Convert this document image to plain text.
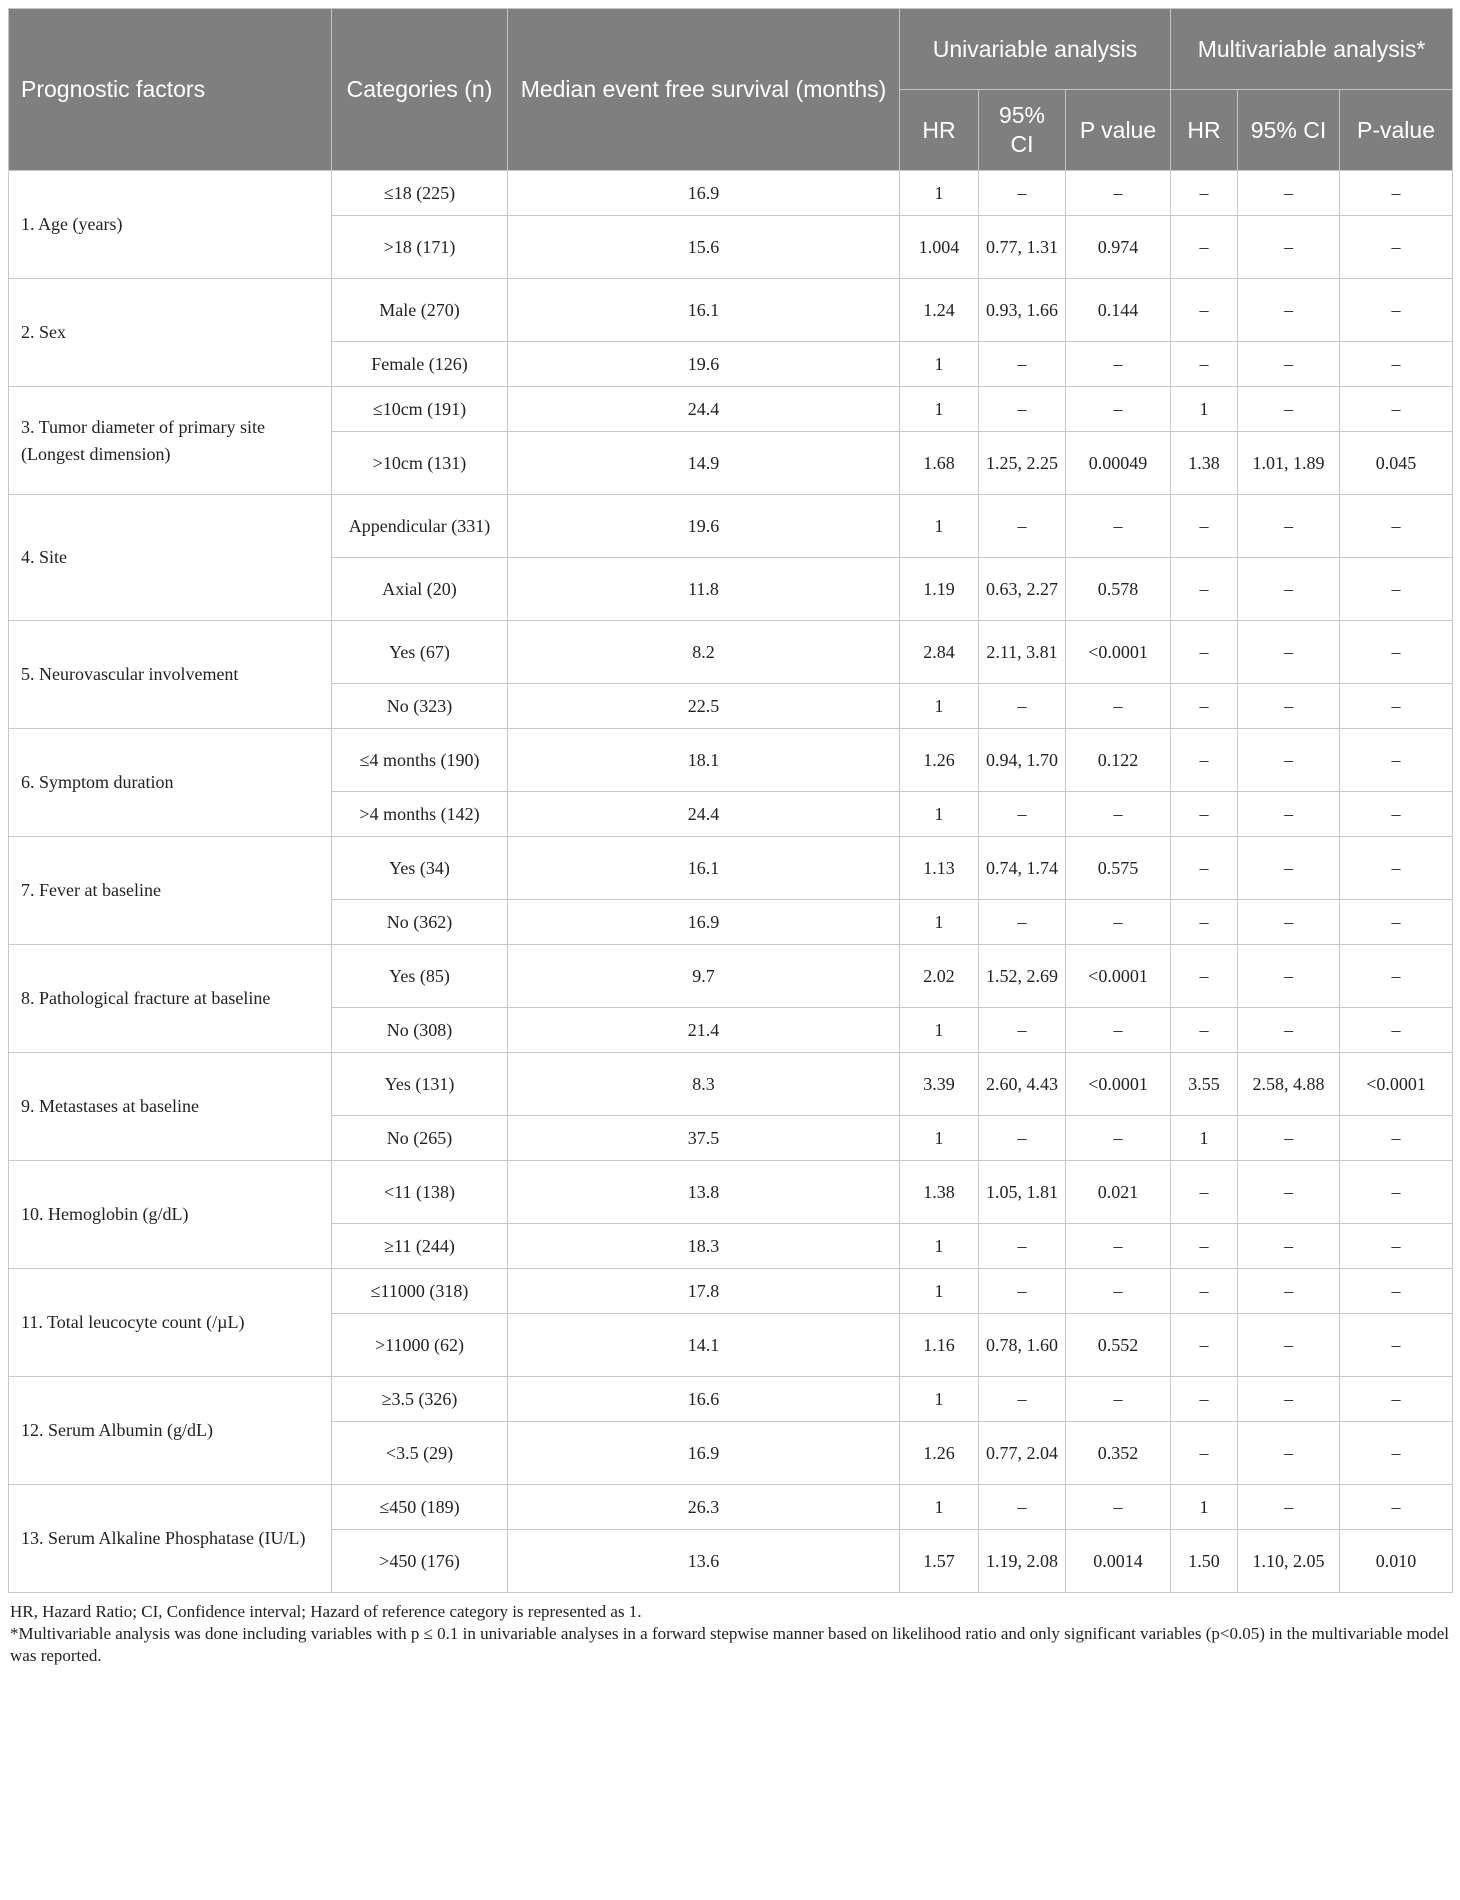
Prognostic factors	Categories (n)	Median event free survival (months)	Univariable analysis			Multivariable analysis*		
			HR	95% CI	P value	HR	95% CI	P-value
1. Age (years)	≤18 (225)	16.9	1	–	–	–	–	–
	>18 (171)	15.6	1.004	0.77, 1.31	0.974	–	–	–
2. Sex	Male (270)	16.1	1.24	0.93, 1.66	0.144	–	–	–
	Female (126)	19.6	1	–	–	–	–	–
3. Tumor diameter of primary site (Longest dimension)	≤10cm (191)	24.4	1	–	–	1	–	–
	>10cm (131)	14.9	1.68	1.25, 2.25	0.00049	1.38	1.01, 1.89	0.045
4. Site	Appendicular (331)	19.6	1	–	–	–	–	–
	Axial (20)	11.8	1.19	0.63, 2.27	0.578	–	–	–
5. Neurovascular involvement	Yes (67)	8.2	2.84	2.11, 3.81	<0.0001	–	–	–
	No (323)	22.5	1	–	–	–	–	–
6. Symptom duration	≤4 months (190)	18.1	1.26	0.94, 1.70	0.122	–	–	–
	>4 months (142)	24.4	1	–	–	–	–	–
7. Fever at baseline	Yes (34)	16.1	1.13	0.74, 1.74	0.575	–	–	–
	No (362)	16.9	1	–	–	–	–	–
8. Pathological fracture at baseline	Yes (85)	9.7	2.02	1.52, 2.69	<0.0001	–	–	–
	No (308)	21.4	1	–	–	–	–	–
9. Metastases at baseline	Yes (131)	8.3	3.39	2.60, 4.43	<0.0001	3.55	2.58, 4.88	<0.0001
	No (265)	37.5	1	–	–	1	–	–
10. Hemoglobin (g/dL)	<11 (138)	13.8	1.38	1.05, 1.81	0.021	–	–	–
	≥11 (244)	18.3	1	–	–	–	–	–
11. Total leucocyte count (/µL)	≤11000 (318)	17.8	1	–	–	–	–	–
	>11000 (62)	14.1	1.16	0.78, 1.60	0.552	–	–	–
12. Serum Albumin (g/dL)	≥3.5 (326)	16.6	1	–	–	–	–	–
	<3.5 (29)	16.9	1.26	0.77, 2.04	0.352	–	–	–
13. Serum Alkaline Phosphatase (IU/L)	≤450 (189)	26.3	1	–	–	1	–	–
	>450 (176)	13.6	1.57	1.19, 2.08	0.0014	1.50	1.10, 2.05	0.010

HR, Hazard Ratio; CI, Confidence interval; Hazard of reference category is represented as 1.

*Multivariable analysis was done including variables with p ≤ 0.1 in univariable analyses in a forward stepwise manner based on likelihood ratio and only significant variables (p<0.05) in the multivariable model was reported.
